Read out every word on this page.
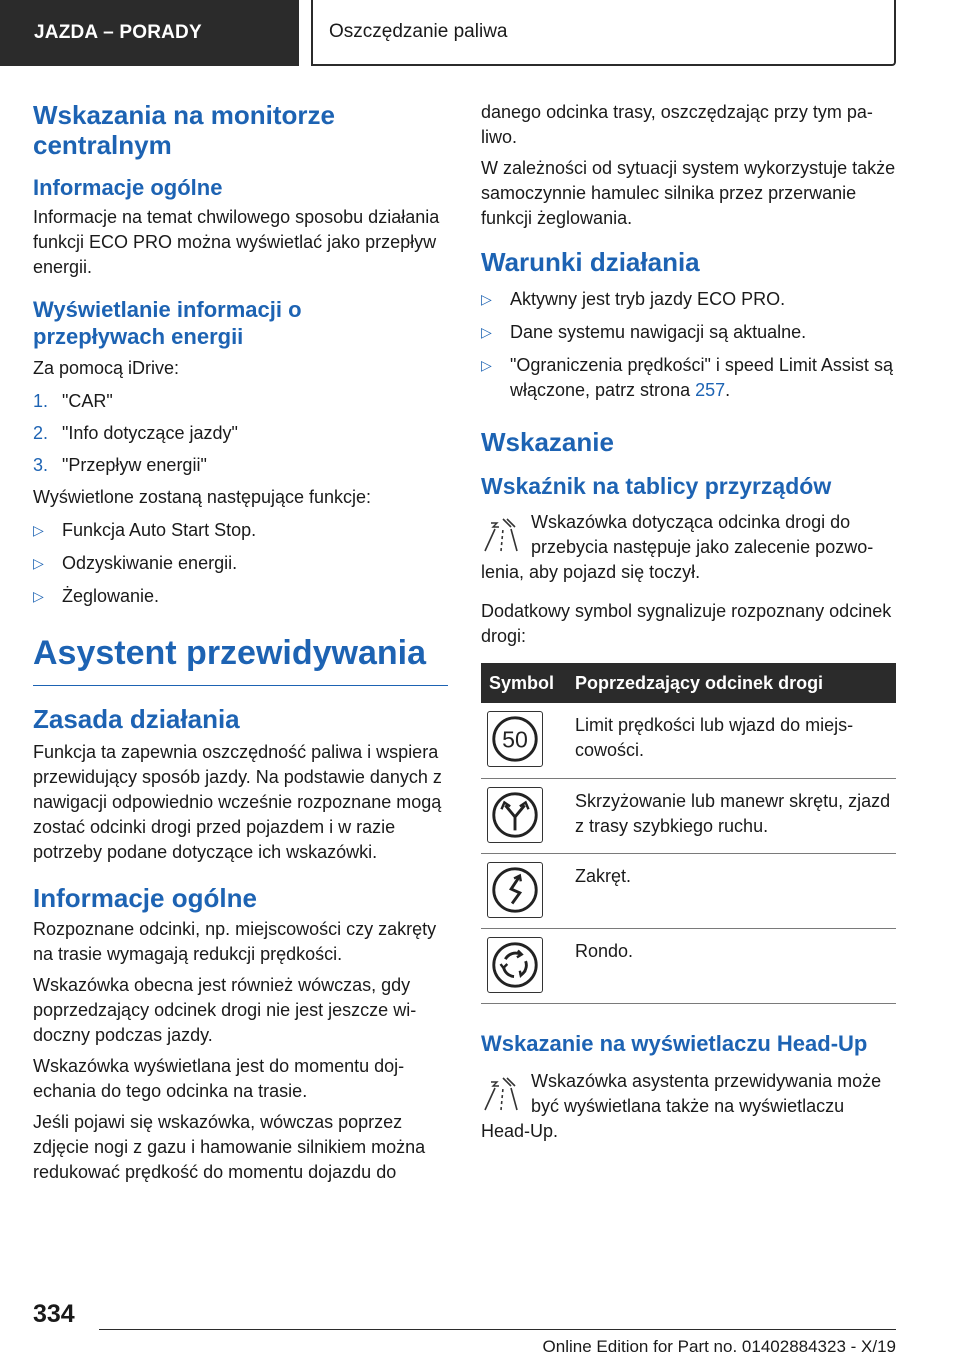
JAZDA – PORADY	Oszczędzanie paliwa
Wskazania na monitorze centralnym
Informacje ogólne

Informacje na temat chwilowego sposobu działania funkcji ECO PRO można wyświetlać jako przepływ energii.

Wyświetlanie informacji o przepływach energii

Za pomocą iDrive:

1. "CAR"
2. "Info dotyczące jazdy"
3. "Przepływ energii"

Wyświetlone zostaną następujące funkcje:

▷ Funkcja Auto Start Stop.
▷ Odzyskiwanie energii.
▷ Żeglowanie.
Asystent przewidywania
Zasada działania

Funkcja ta zapewnia oszczędność paliwa i wspiera przewidujący sposób jazdy. Na podstawie danych z nawigacji odpowiednio wcześnie rozpoznane mogą zostać odcinki drogi przed pojazdem i w razie potrzeby podane dotyczące ich wskazówki.

Informacje ogólne

Rozpoznane odcinki, np. miejscowości czy zakręty na trasie wymagają redukcji prędkości.

Wskazówka obecna jest również wówczas, gdy poprzedzający odcinek drogi nie jest jeszcze widoczny podczas jazdy.

Wskazówka wyświetlana jest do momentu dojechania do tego odcinka na trasie.

Jeśli pojawi się wskazówka, wówczas poprzez zdjęcie nogi z gazu i hamowanie silnikiem można redukować prędkość do momentu dojazdu do

danego odcinka trasy, oszczędzając przy tym paliwo.

W zależności od sytuacji system wykorzystuje także samoczynnie hamulec silnika przez przerwanie funkcji żeglowania.

Warunki działania
▷ Aktywny jest tryb jazdy ECO PRO.
▷ Dane systemu nawigacji są aktualne.
▷ "Ograniczenia prędkości" i speed Limit Assist są włączone, patrz strona 257.
Wskazanie
Wskaźnik na tablicy przyrządów

Wskazówka dotycząca odcinka drogi do przebycia następuje jako zalecenie pozwolenia, aby pojazd się toczył.

Dodatkowy symbol sygnalizuje rozpoznany odcinek drogi:

Symbol	Poprzedzający odcinek drogi

50	Limit prędkości lub wjazd do miejscowości.

	Skrzyżowanie lub manewr skrętu, zjazd z trasy szybkiego ruchu.

	Zakręt.

	Rondo.
Wskazanie na wyświetlaczu Head-Up

Wskazówka asystenta przewidywania może być wyświetlana także na wyświetlaczu Head-Up.

334
Online Edition for Part no. 01402884323 - X/19
